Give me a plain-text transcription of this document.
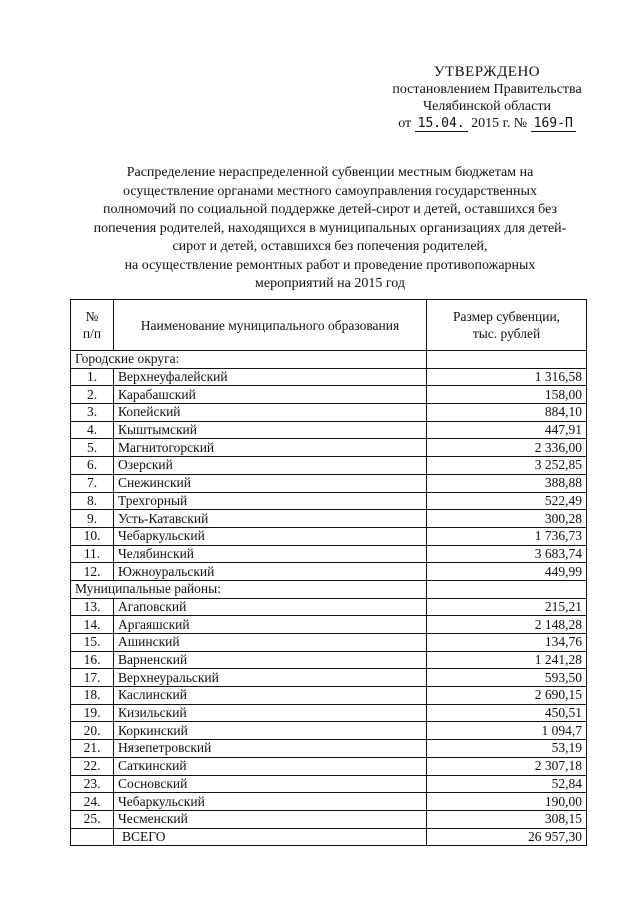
УТВЕРЖДЕНО
постановлением Правительства
Челябинской области
от 15.04. 2015 г. № 169-П
Распределение нераспределенной субвенции местным бюджетам на
осуществление органами местного самоуправления государственных
полномочий по социальной поддержке детей-сирот и детей, оставшихся без
попечения родителей, находящихся в муниципальных организациях для детей-
сирот и детей, оставшихся без попечения родителей,
на осуществление ремонтных работ и проведение противопожарных
мероприятий на 2015 год
№
п/п	Наименование муниципального образования	Размер субвенции,
тыс. рублей
Городские округа:		
1.	Верхнеуфалейский	1 316,58
2.	Карабашский	158,00
3.	Копейский	884,10
4.	Кыштымский	447,91
5.	Магнитогорский	2 336,00
6.	Озерский	3 252,85
7.	Снежинский	388,88
8.	Трехгорный	522,49
9.	Усть-Катавский	300,28
10.	Чебаркульский	1 736,73
11.	Челябинский	3 683,74
12.	Южноуральский	449,99
Муниципальные районы:		
13.	Агаповский	215,21
14.	Аргаяшский	2 148,28
15.	Ашинский	134,76
16.	Варненский	1 241,28
17.	Верхнеуральский	593,50
18.	Каслинский	2 690,15
19.	Кизильский	450,51
20.	Коркинский	1 094,7
21.	Нязепетровский	53,19
22.	Саткинский	2 307,18
23.	Сосновский	52,84
24.	Чебаркульский	190,00
25.	Чесменский	308,15
	ВСЕГО	26 957,30
